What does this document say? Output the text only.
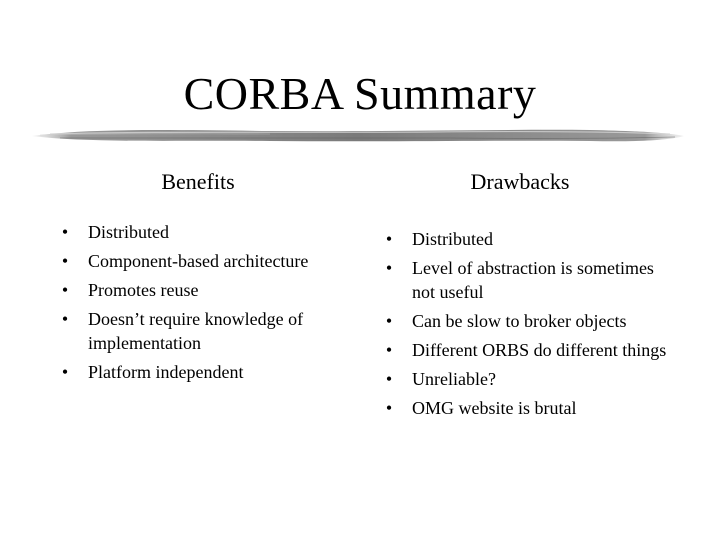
CORBA Summary
Benefits	Drawbacks
• Distributed
• Component-based architecture
• Promotes reuse
• Doesn’t require knowledge of implementation
• Platform independent
• Distributed
• Level of abstraction is sometimes not useful
• Can be slow to broker objects
• Different ORBS do different things
• Unreliable?
• OMG website is brutal
